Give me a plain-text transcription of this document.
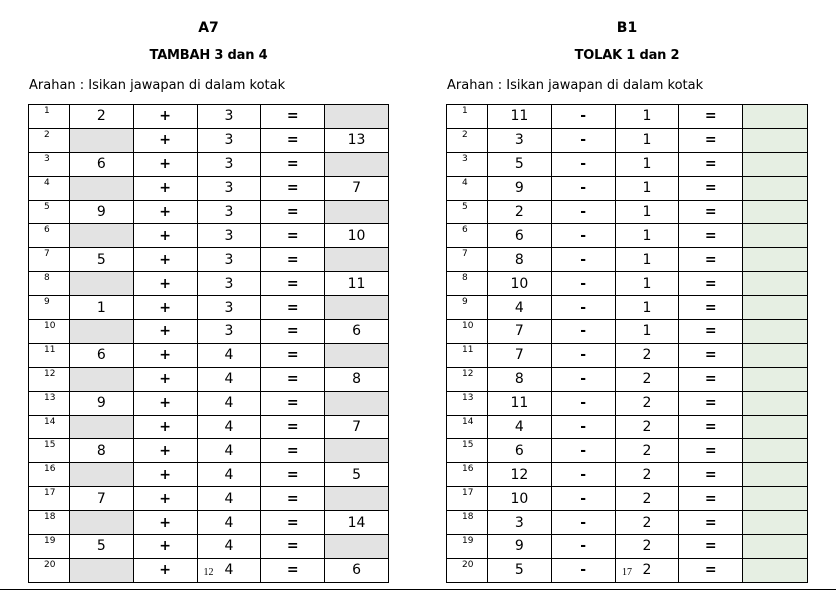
A7
TAMBAH 3 dan 4
Arahan : Isikan jawapan di dalam kotak
1	2	+	3	=	
2		+	3	=	13
3	6	+	3	=	
4		+	3	=	7
5	9	+	3	=	
6		+	3	=	10
7	5	+	3	=	
8		+	3	=	11
9	1	+	3	=	
10		+	3	=	6
11	6	+	4	=	
12		+	4	=	8
13	9	+	4	=	
14		+	4	=	7
15	8	+	4	=	
16		+	4	=	5
17	7	+	4	=	
18		+	4	=	14
19	5	+	4	=	
20		+	4	=	6
12
B1
TOLAK 1 dan 2
Arahan : Isikan jawapan di dalam kotak
1	11	-	1	=	
2	3	-	1	=	
3	5	-	1	=	
4	9	-	1	=	
5	2	-	1	=	
6	6	-	1	=	
7	8	-	1	=	
8	10	-	1	=	
9	4	-	1	=	
10	7	-	1	=	
11	7	-	2	=	
12	8	-	2	=	
13	11	-	2	=	
14	4	-	2	=	
15	6	-	2	=	
16	12	-	2	=	
17	10	-	2	=	
18	3	-	2	=	
19	9	-	2	=	
20	5	-	2	=	
17
